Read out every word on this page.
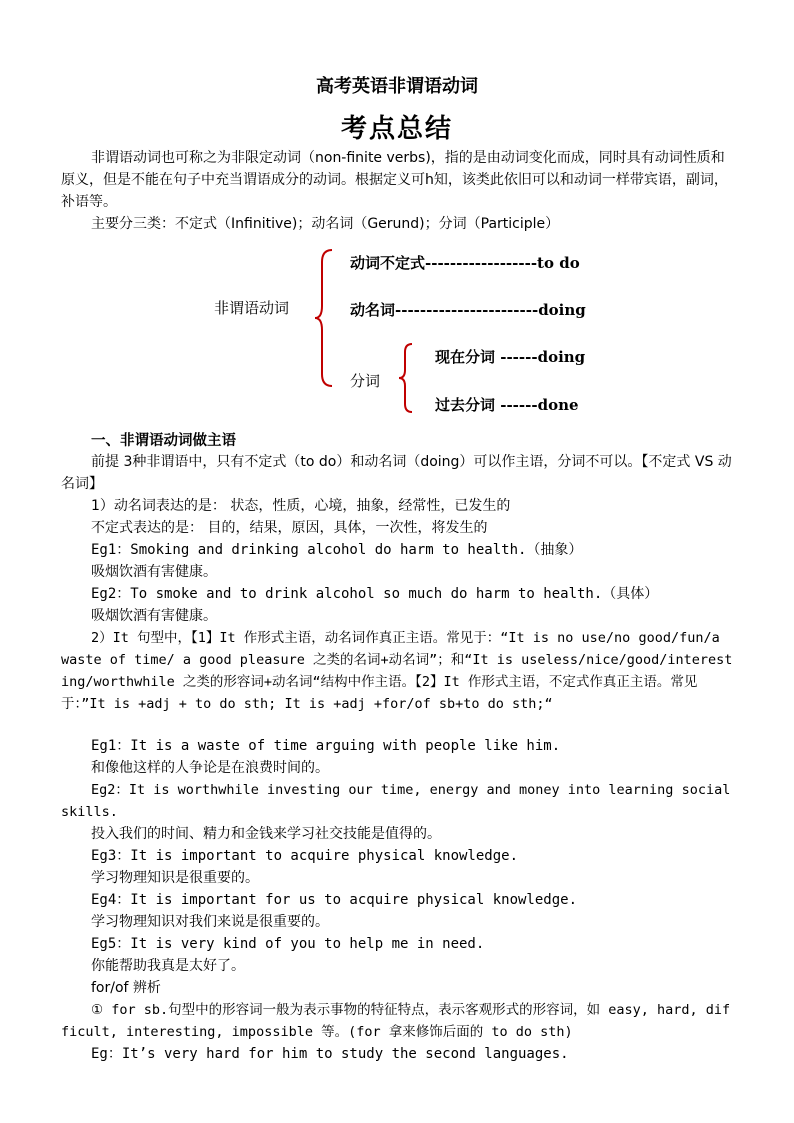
高考英语非谓语动词
考点总结

非谓语动词也可称之为非限定动词（non-finite verbs)，指的是由动词变化而成，同时具有动词性质和原义，但是不能在句子中充当谓语成分的动词。根据定义可h知，该类此依旧可以和动词一样带宾语，副词，补语等。

主要分三类：不定式（Infinitive)；动名词（Gerund)；分词（Participle）

非谓语动词
动词不定式------------------to do
动名词-----------------------doing
分词
现在分词 ------doing
过去分词 ------done
一、非谓语动词做主语

前提 3种非谓语中，只有不定式（to do）和动名词（doing）可以作主语，分词不可以。【不定式 VS 动名词】

1）动名词表达的是： 状态，性质，心境，抽象，经常性，已发生的

不定式表达的是： 目的，结果，原因，具体，一次性，将发生的

Eg1：Smoking and drinking alcohol do harm to health.（抽象）

吸烟饮酒有害健康。

Eg2：To smoke and to drink alcohol so much do harm to health.（具体）

吸烟饮酒有害健康。

2）It 句型中，【1】It 作形式主语，动名词作真正主语。常见于：“It is no use/no good/fun/a waste of time/ a good pleasure 之类的名词+动名词”；和“It is useless/nice/good/interesting/worthwhile 之类的形容词+动名词“结构中作主语。【2】It 作形式主语，不定式作真正主语。常见于：”It is +adj + to do sth; It is +adj +for/of sb+to do sth;“

Eg1：It is a waste of time arguing with people like him.

和像他这样的人争论是在浪费时间的。

Eg2：It is worthwhile investing our time, energy and money into learning social skills.

投入我们的时间、精力和金钱来学习社交技能是值得的。

Eg3：It is important to acquire physical knowledge.

学习物理知识是很重要的。

Eg4：It is important for us to acquire physical knowledge.

学习物理知识对我们来说是很重要的。

Eg5：It is very kind of you to help me in need.

你能帮助我真是太好了。

for/of 辨析

① for sb.句型中的形容词一般为表示事物的特征特点，表示客观形式的形容词，如 easy, hard, difficult, interesting, impossible 等。(for 拿来修饰后面的 to do sth)

Eg：It’s very hard for him to study the second languages.
